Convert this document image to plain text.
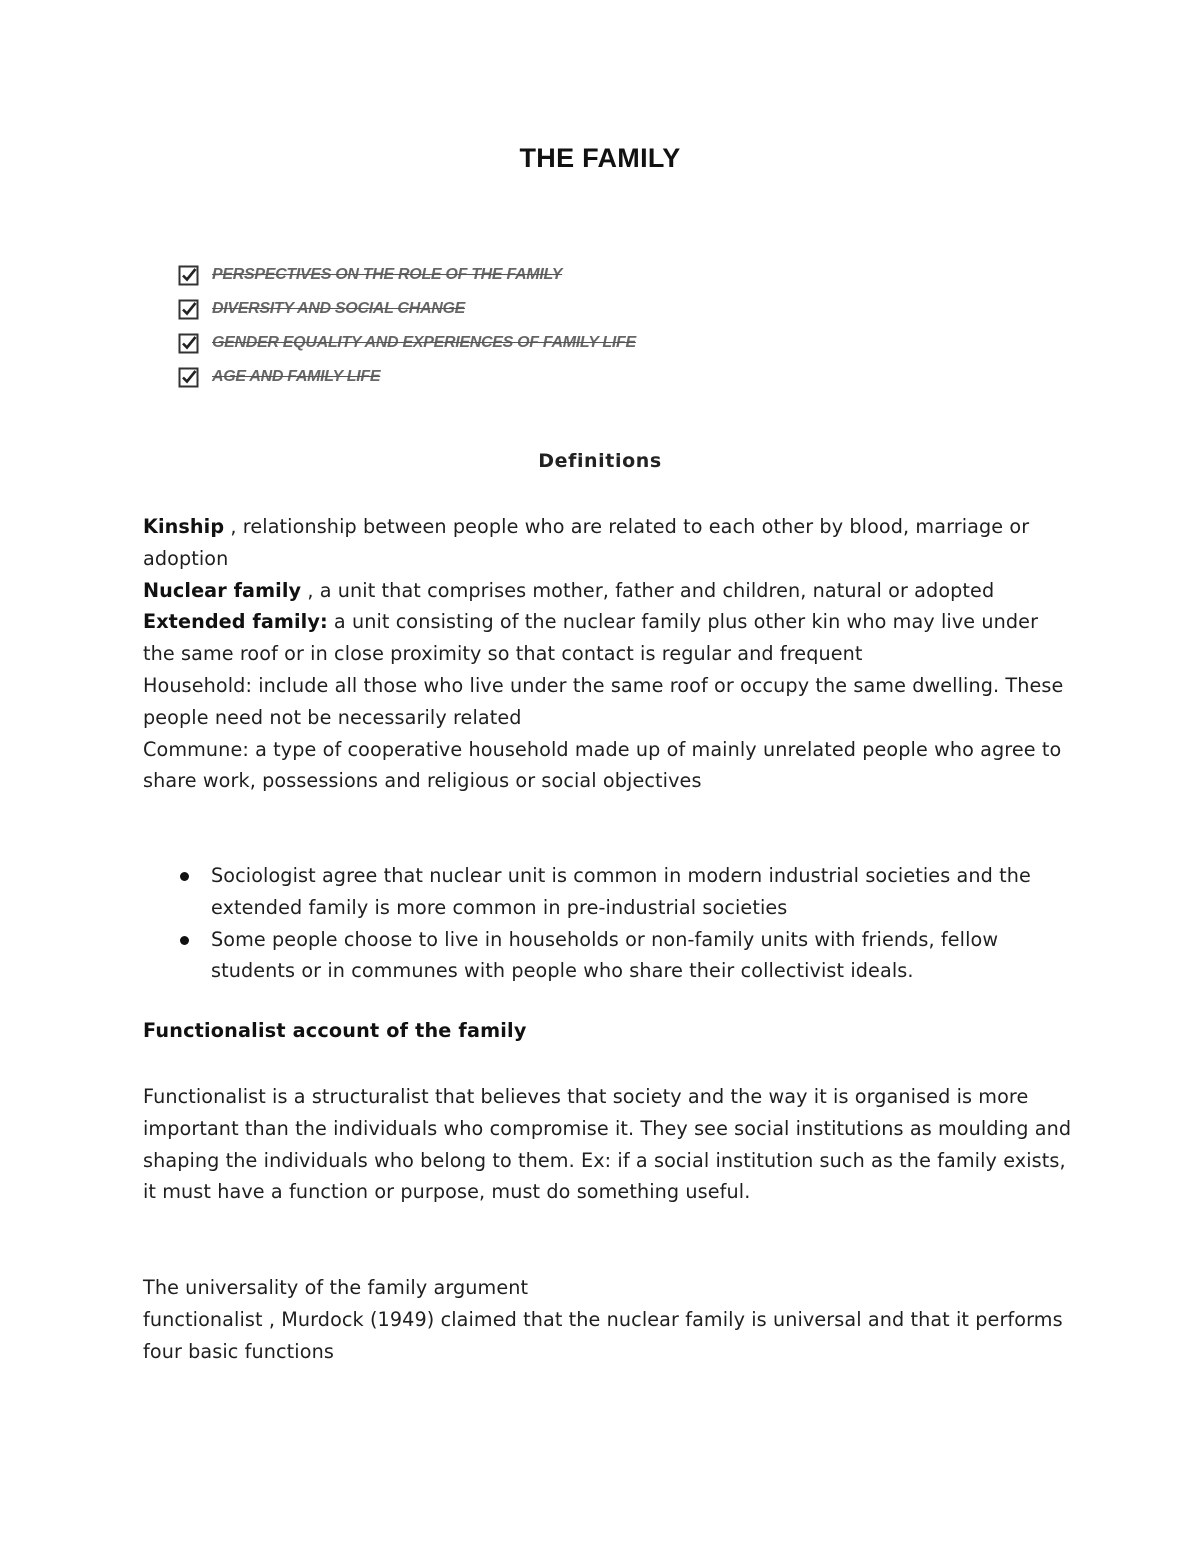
THE FAMILY
PERSPECTIVES ON THE ROLE OF THE FAMILY
DIVERSITY AND SOCIAL CHANGE
GENDER EQUALITY AND EXPERIENCES OF FAMILY LIFE
AGE AND FAMILY LIFE
Definitions
Kinship , relationship between people who are related to each other by blood, marriage or adoption
Nuclear family , a unit that comprises mother, father and children, natural or adopted
Extended family: a unit consisting of the nuclear family plus other kin who may live under the same roof or in close proximity so that contact is regular and frequent
Household: include all those who live under the same roof or occupy the same dwelling. These people need not be necessarily related
Commune: a type of cooperative household made up of mainly unrelated people who agree to share work, possessions and religious or social objectives
Sociologist agree that nuclear unit is common in modern industrial societies and the extended family is more common in pre-industrial societies
Some people choose to live in households or non-family units with friends, fellow students or in communes with people who share their collectivist ideals.
Functionalist account of the family
Functionalist is a structuralist that believes that society and the way it is organised is more important than the individuals who compromise it. They see social institutions as moulding and shaping the individuals who belong to them. Ex: if a social institution such as the family exists, it must have a function or purpose, must do something useful.
The universality of the family argument
functionalist , Murdock (1949) claimed that the nuclear family is universal and that it performs four basic functions
